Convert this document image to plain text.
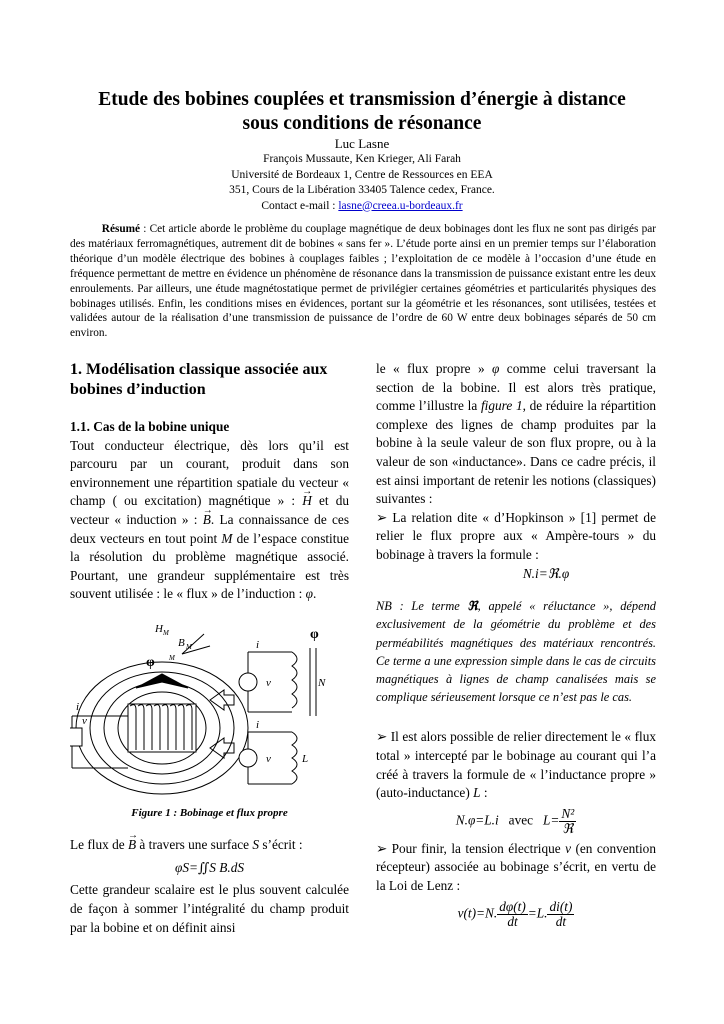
Etude des bobines couplées et transmission d’énergie à distance
sous conditions de résonance
Luc Lasne
François Mussaute, Ken Krieger, Ali Farah
Université de Bordeaux 1, Centre de Ressources en EEA
351, Cours de la Libération 33405 Talence cedex, France.
Contact e-mail : lasne@creea.u-bordeaux.fr
Résumé : Cet article aborde le problème du couplage magnétique de deux bobinages dont les flux ne sont pas dirigés par des matériaux ferromagnétiques, autrement dit de bobines « sans fer ». L’étude porte ainsi en un premier temps sur l’élaboration théorique d’un modèle électrique des bobines à couplages faibles ; l’exploitation de ce modèle à l’occasion d’une étude en fréquence permettant de mettre en évidence un phénomène de résonance dans la transmission de puissance existant entre les deux enroulements. Par ailleurs, une étude magnétostatique permet de privilégier certaines géométries et particularités physiques des bobinages utilisés. Enfin, les conditions mises en évidences, portant sur la géométrie et les résonances, sont utilisées, testées et validées autour de la réalisation d’une transmission de puissance de l’ordre de 60 W entre deux bobinages séparés de 50 cm environ.
1. Modélisation classique associée aux bobines d’induction
1.1. Cas de la bobine unique

Tout conducteur électrique, dès lors qu’il est parcouru par un courant, produit dans son environnement une répartition spatiale du vecteur « champ ( ou excitation) magnétique » : → H et du vecteur « induction » : → B. La connaissance de ces deux vecteurs en tout point M de l’espace constitue la résolution du problème magnétique associé. Pourtant, une grandeur supplémentaire est très souvent utilisée : le « flux » de l’induction : φ.

H M
B M
M
φ
i
v
φ
i
v	N
i
v	L
Figure 1 : Bobinage et flux propre

Le flux de → B à travers une surface S s’écrit :

φS=∬S B.dS

Cette grandeur scalaire est le plus souvent calculée de façon à sommer l’intégralité du champ produit par la bobine et on définit ainsi

le « flux propre » φ comme celui traversant la section de la bobine. Il est alors très pratique, comme l’illustre la figure 1, de réduire la répartition complexe des lignes de champ produites par la bobine à la seule valeur de son flux propre, ou à la valeur de son «inductance». Dans ce cadre précis, il est ainsi important de retenir les notions (classiques) suivantes :

➢ La relation dite « d’Hopkinson » [1] permet de relier le flux propre aux « Ampère-tours » du bobinage à travers la formule :

N.i=ℜ.φ

NB : Le terme ℜ, appelé « réluctance », dépend exclusivement de la géométrie du problème et des perméabilités magnétiques des matériaux rencontrés. Ce terme a une expression simple dans le cas de circuits magnétiques à lignes de champ canalisées mais se complique sérieusement lorsque ce n’est pas le cas.

➢ Il est alors possible de relier directement le « flux total » intercepté par le bobinage au courant qui l’a créé à travers la formule de « l’inductance propre » (auto-inductance) L :

N.φ=L.i avec $L= \frac{\text{N²}}{\text{ℜ}}$

➢ Pour finir, la tension électrique v (en convention récepteur) associée au bobinage s’écrit, en vertu de la Loi de Lenz :

v(t)=N. $\frac{d\varphi(t)}{dt} =L$. $\frac{di(t)}{dt}$
